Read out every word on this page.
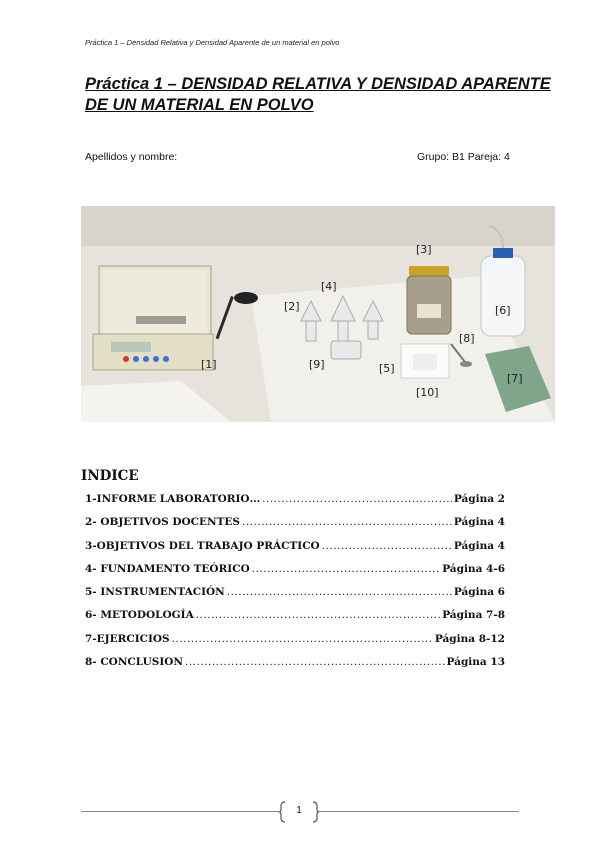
Práctica 1 – Densidad Relativa y Densidad Aparente de un material en polvo
Práctica 1 – DENSIDAD RELATIVA Y DENSIDAD APARENTE DE UN MATERIAL EN POLVO
Apellidos y nombre:	Grupo: B1 Pareja: 4
[1]
[2]
[3]
[4]
[5]
[6]
[7]
[8]
[9]
[10]
INDICE
1-INFORME LABORATORIO… .....	Página 2
2- OBJETIVOS DOCENTES .....	Página 4
3-OBJETIVOS DEL TRABAJO PRÁCTICO .....	Página 4
4- FUNDAMENTO TEÓRICO .....	Página 4-6
5- INSTRUMENTACIÓN .....	Página 6
6- METODOLOGÍA .....	Página 7-8
7-EJERCICIOS .....	Página 8-12
8- CONCLUSION .....	Página 13
1
